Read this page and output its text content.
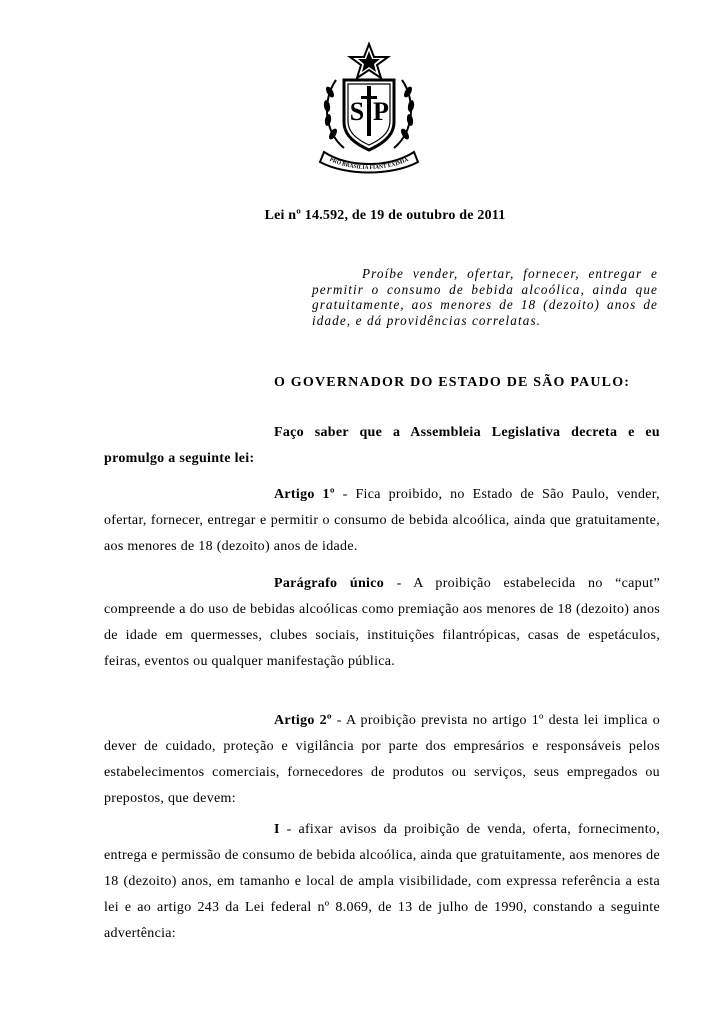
S P
PRO BRASILIA FIANT EXIMIA
Lei nº 14.592, de 19 de outubro de 2011
Proíbe vender, ofertar, fornecer, entregar e permitir o consumo de bebida alcoólica, ainda que gratuitamente, aos menores de 18 (dezoito) anos de idade, e dá providências correlatas.
O GOVERNADOR DO ESTADO DE SÃO PAULO:
Faço saber que a Assembleia Legislativa decreta e eu promulgo a seguinte lei:
Artigo 1º - Fica proibido, no Estado de São Paulo, vender, ofertar, fornecer, entregar e permitir o consumo de bebida alcoólica, ainda que gratuitamente, aos menores de 18 (dezoito) anos de idade.
Parágrafo único - A proibição estabelecida no “caput” compreende a do uso de bebidas alcoólicas como premiação aos menores de 18 (dezoito) anos de idade em quermesses, clubes sociais, instituições filantrópicas, casas de espetáculos, feiras, eventos ou qualquer manifestação pública.
Artigo 2º - A proibição prevista no artigo 1º desta lei implica o dever de cuidado, proteção e vigilância por parte dos empresários e responsáveis pelos estabelecimentos comerciais, fornecedores de produtos ou serviços, seus empregados ou prepostos, que devem:
I - afixar avisos da proibição de venda, oferta, fornecimento, entrega e permissão de consumo de bebida alcoólica, ainda que gratuitamente, aos menores de 18 (dezoito) anos, em tamanho e local de ampla visibilidade, com expressa referência a esta lei e ao artigo 243 da Lei federal nº 8.069, de 13 de julho de 1990, constando a seguinte advertência:
